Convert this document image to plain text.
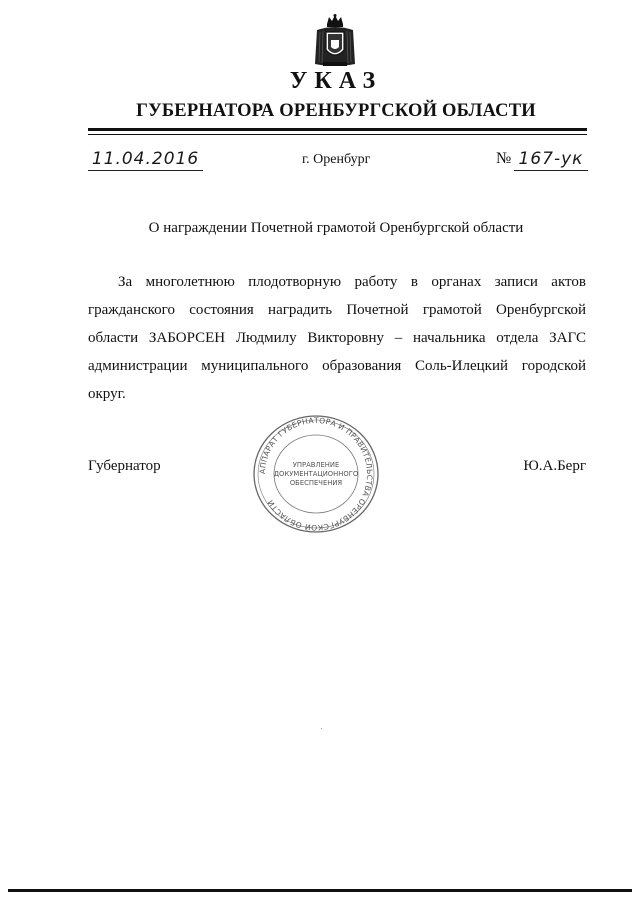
УКАЗ
ГУБЕРНАТОРА ОРЕНБУРГСКОЙ ОБЛАСТИ
11.04.2016	г. Оренбург	№ 167-ук
О награждении Почетной грамотой Оренбургской области

За многолетнюю плодотворную работу в органах записи актов гражданского состояния наградить Почетной грамотой Оренбургской области ЗАБОРСЕН Людмилу Викторовну – начальника отдела ЗАГС администрации муниципального образования Соль-Илецкий городской округ.

Губернатор	Ю.А.Берг
АППАРАТ ГУБЕРНАТОРА И ПРАВИТЕЛЬСТВА ОРЕНБУРГСКОЙ ОБЛАСТИ
УПРАВЛЕНИЕ
ДОКУМЕНТАЦИОННОГО
ОБЕСПЕЧЕНИЯ
